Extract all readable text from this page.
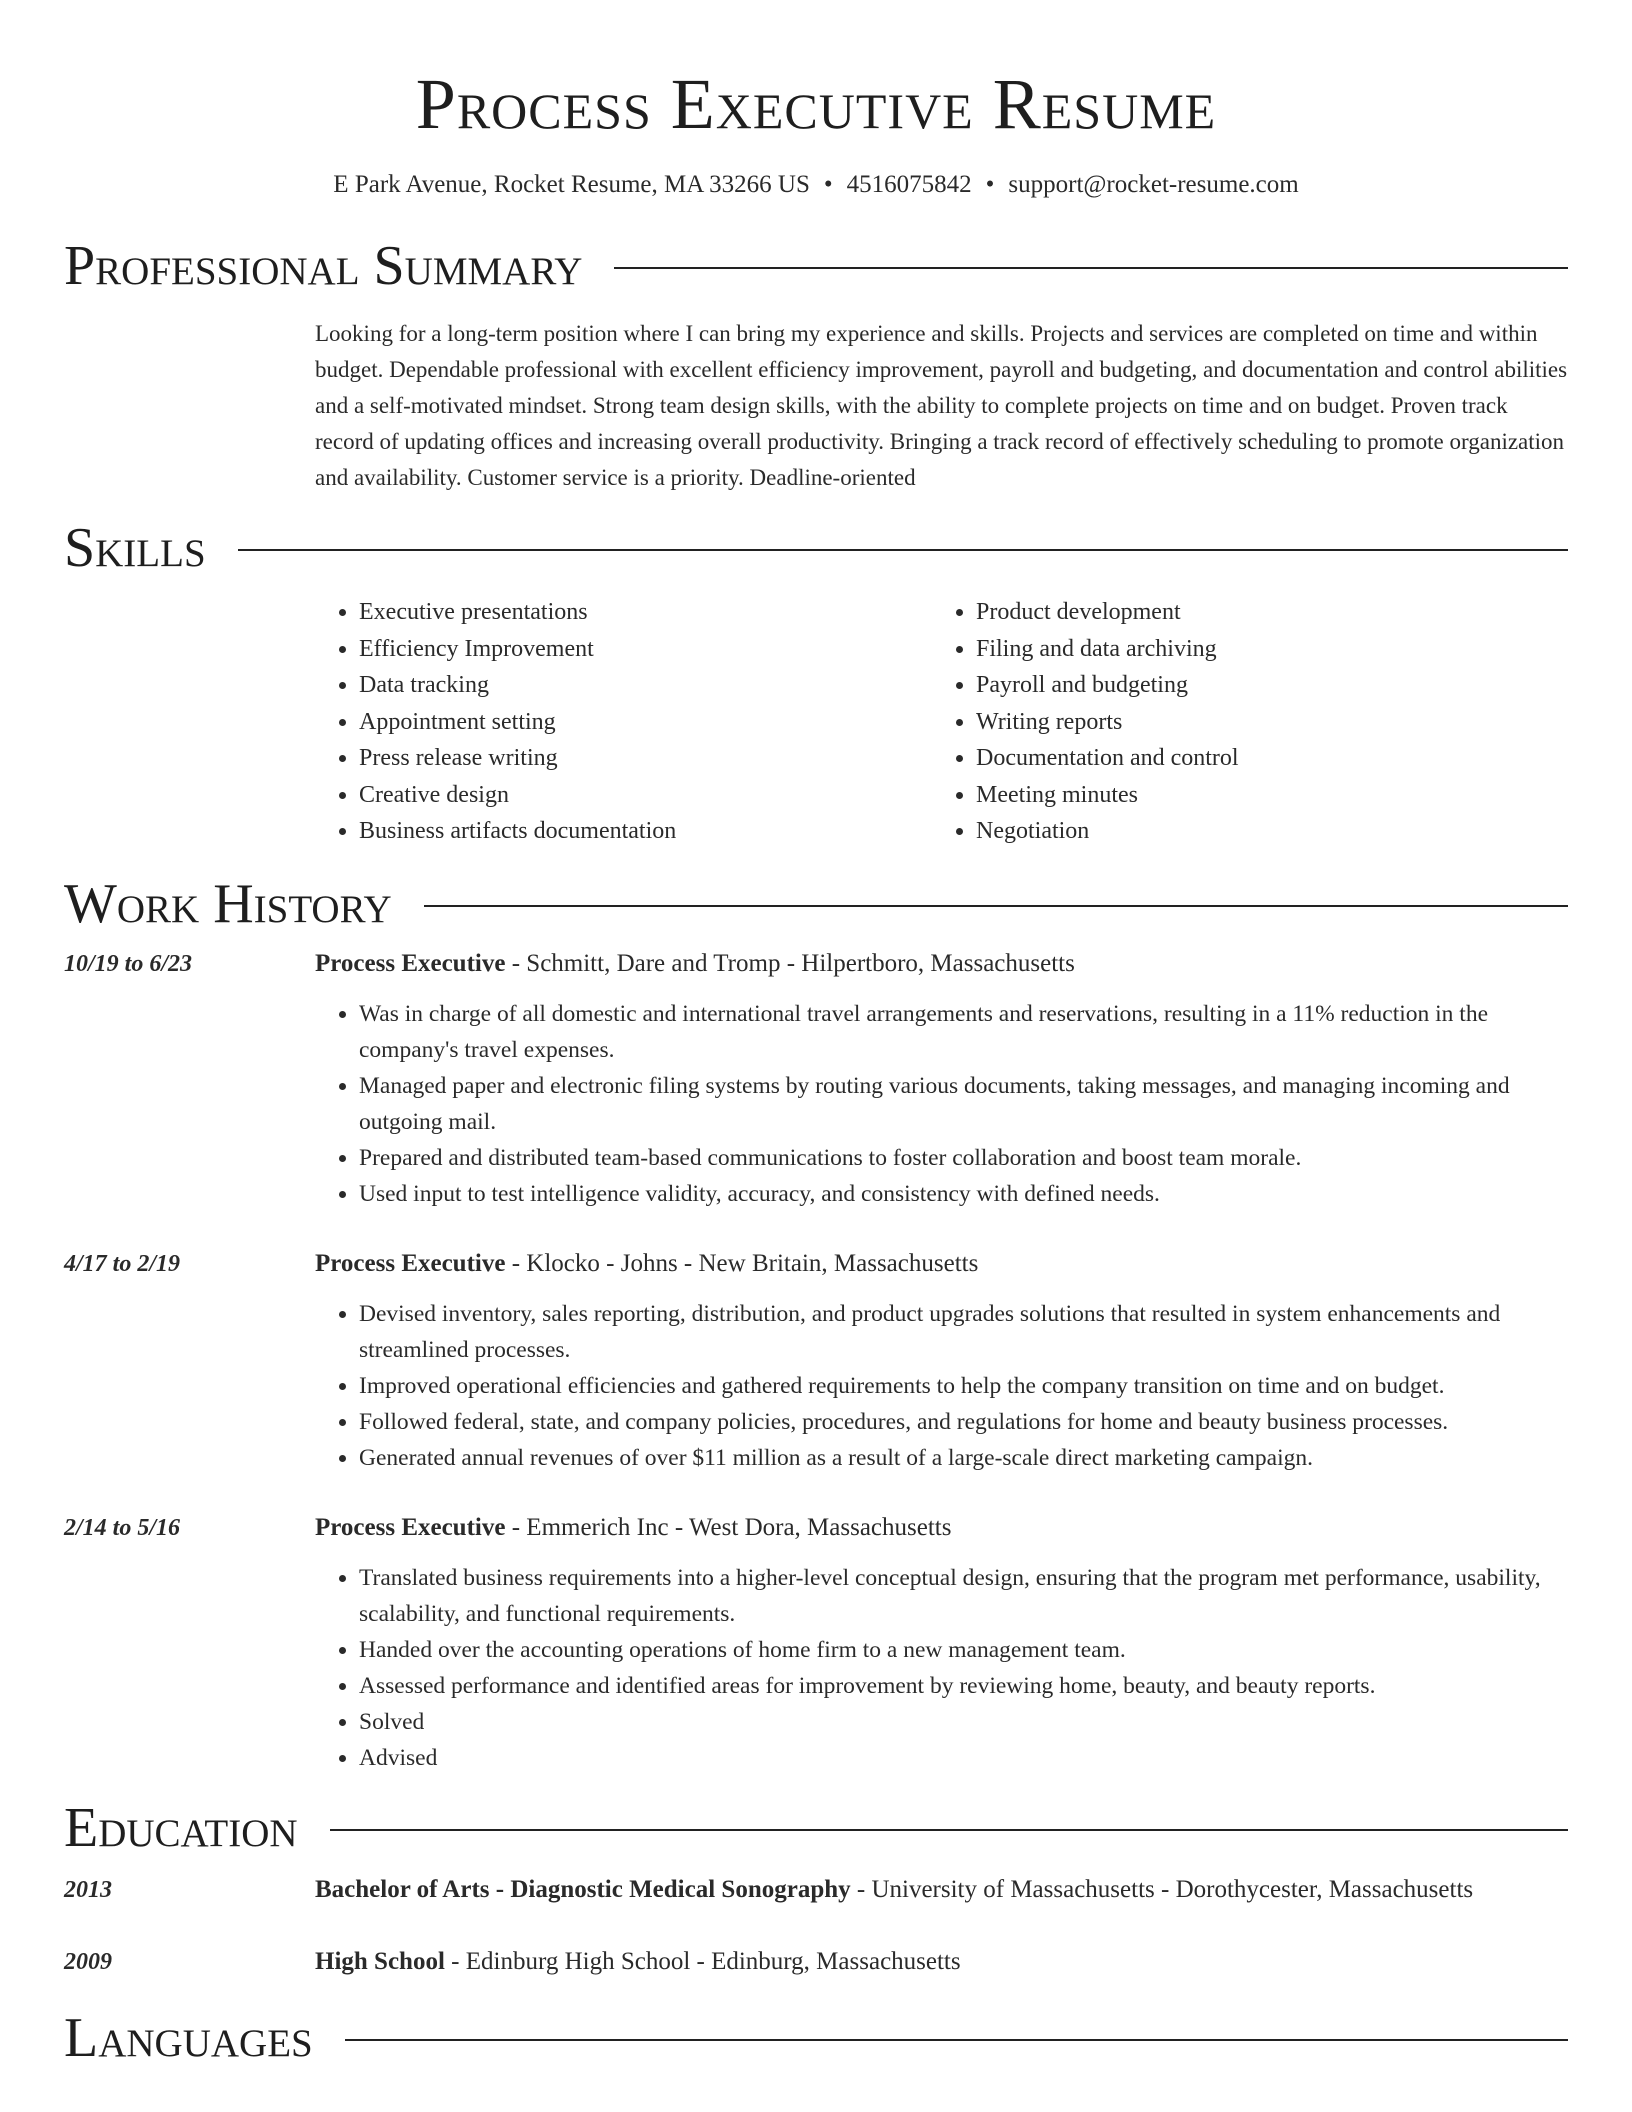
Process Executive Resume
E Park Avenue, Rocket Resume, MA 33266 US • 4516075842 • support@rocket-resume.com
Professional Summary
Looking for a long-term position where I can bring my experience and skills. Projects and services are completed on time and within budget. Dependable professional with excellent efficiency improvement, payroll and budgeting, and documentation and control abilities and a self-motivated mindset. Strong team design skills, with the ability to complete projects on time and on budget. Proven track record of updating offices and increasing overall productivity. Bringing a track record of effectively scheduling to promote organization and availability. Customer service is a priority. Deadline-oriented
Skills
• Executive presentations
• Efficiency Improvement
• Data tracking
• Appointment setting
• Press release writing
• Creative design
• Business artifacts documentation
• Product development
• Filing and data archiving
• Payroll and budgeting
• Writing reports
• Documentation and control
• Meeting minutes
• Negotiation
Work History
10/19 to 6/23	Process Executive - Schmitt, Dare and Tromp - Hilpertboro, Massachusetts
• Was in charge of all domestic and international travel arrangements and reservations, resulting in a 11% reduction in the company's travel expenses.
• Managed paper and electronic filing systems by routing various documents, taking messages, and managing incoming and outgoing mail.
• Prepared and distributed team-based communications to foster collaboration and boost team morale.
• Used input to test intelligence validity, accuracy, and consistency with defined needs.
4/17 to 2/19	Process Executive - Klocko - Johns - New Britain, Massachusetts
• Devised inventory, sales reporting, distribution, and product upgrades solutions that resulted in system enhancements and streamlined processes.
• Improved operational efficiencies and gathered requirements to help the company transition on time and on budget.
• Followed federal, state, and company policies, procedures, and regulations for home and beauty business processes.
• Generated annual revenues of over $11 million as a result of a large-scale direct marketing campaign.
2/14 to 5/16	Process Executive - Emmerich Inc - West Dora, Massachusetts
• Translated business requirements into a higher-level conceptual design, ensuring that the program met performance, usability, scalability, and functional requirements.
• Handed over the accounting operations of home firm to a new management team.
• Assessed performance and identified areas for improvement by reviewing home, beauty, and beauty reports.
• Solved
• Advised
Education
2013	Bachelor of Arts - Diagnostic Medical Sonography - University of Massachusetts - Dorothycester, Massachusetts
2009	High School - Edinburg High School - Edinburg, Massachusetts
Languages
